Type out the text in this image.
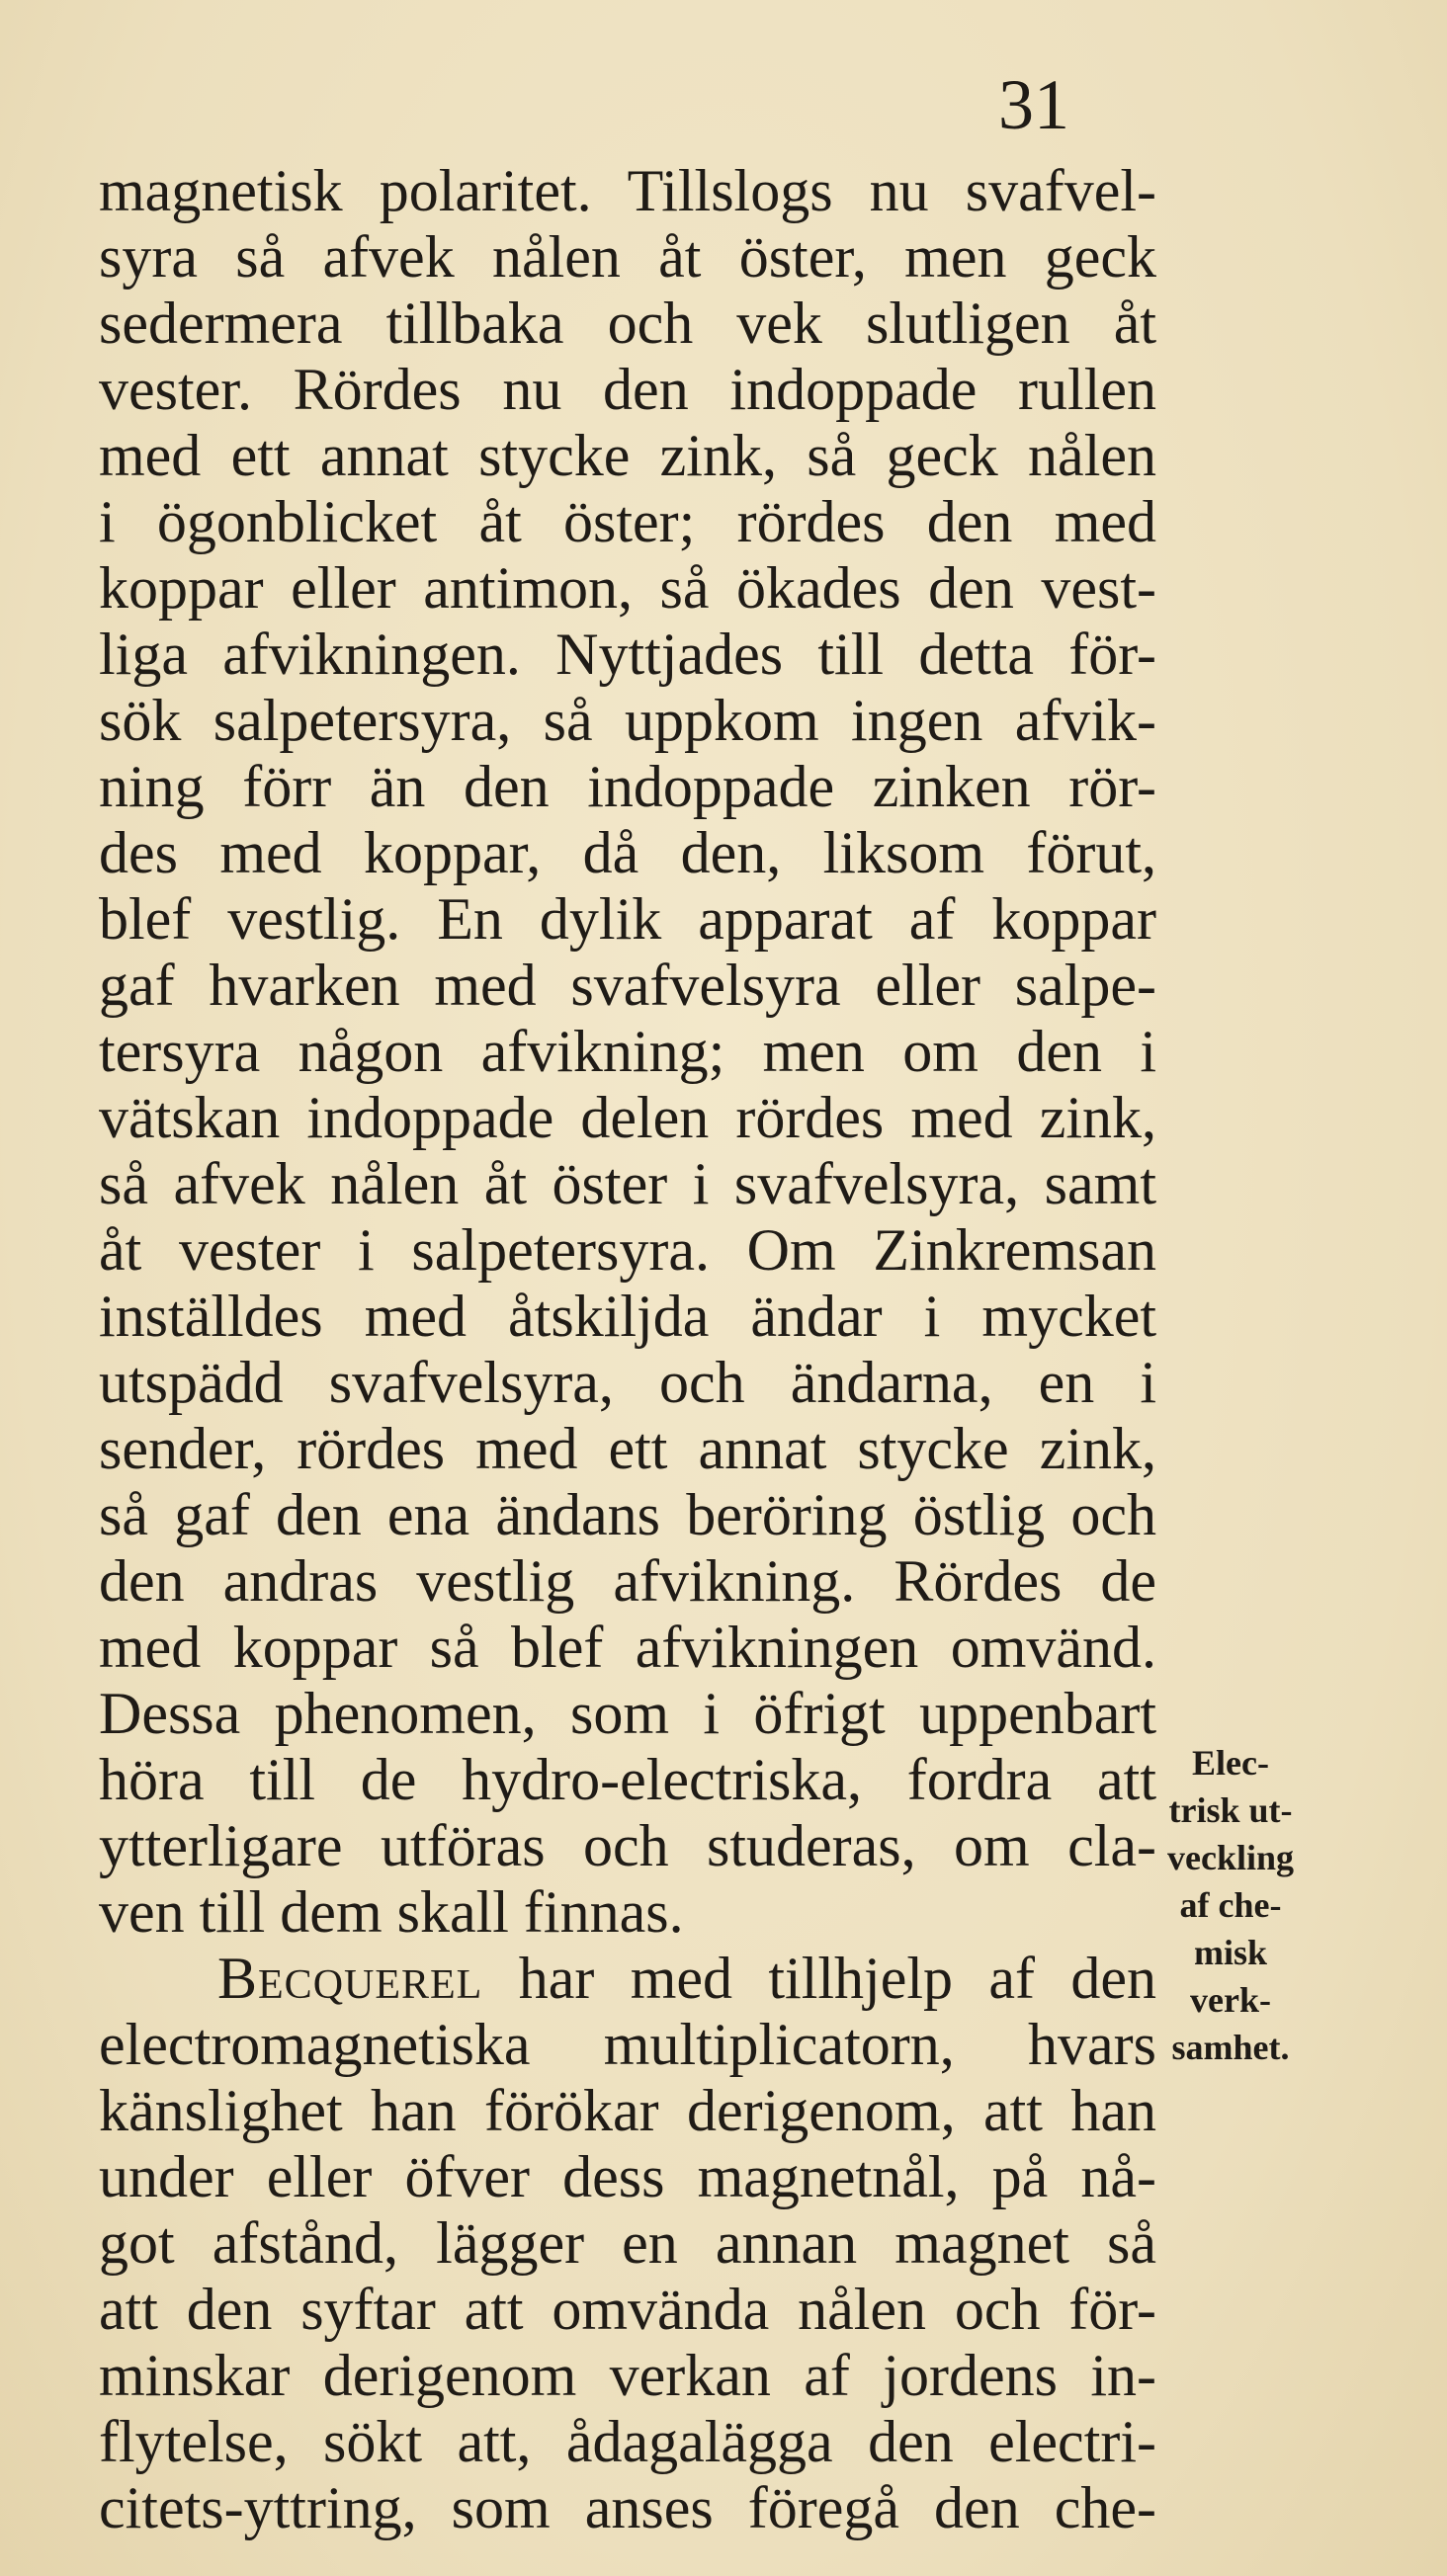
31
magnetisk polaritet. Tillslogs nu svafvel-
syra så afvek nålen åt öster, men geck
sedermera tillbaka och vek slutligen åt
vester. Rördes nu den indoppade rullen
med ett annat stycke zink, så geck nålen
i ögonblicket åt öster; rördes den med
koppar eller antimon, så ökades den vest-
liga afvikningen. Nyttjades till detta för-
sök salpetersyra, så uppkom ingen afvik-
ning förr än den indoppade zinken rör-
des med koppar, då den, liksom förut,
blef vestlig. En dylik apparat af koppar
gaf hvarken med svafvelsyra eller salpe-
tersyra någon afvikning; men om den i
vätskan indoppade delen rördes med zink,
så afvek nålen åt öster i svafvelsyra, samt
åt vester i salpetersyra. Om Zinkremsan
inställdes med åtskiljda ändar i mycket
utspädd svafvelsyra, och ändarna, en i
sender, rördes med ett annat stycke zink,
så gaf den ena ändans beröring östlig och
den andras vestlig afvikning. Rördes de
med koppar så blef afvikningen omvänd.
Dessa phenomen, som i öfrigt uppenbart
höra till de hydro-electriska, fordra att
ytterligare utföras och studeras, om cla-
ven till dem skall finnas.
Becquerel har med tillhjelp af den
electromagnetiska multiplicatorn, hvars
känslighet han förökar derigenom, att han
under eller öfver dess magnetnål, på nå-
got afstånd, lägger en annan magnet så
att den syftar att omvända nålen och för-
minskar derigenom verkan af jordens in-
flytelse, sökt att, ådagalägga den electri-
citets-yttring, som anses föregå den che-
Elec-
trisk ut-
veckling
af che-
misk
verk-
samhet.
